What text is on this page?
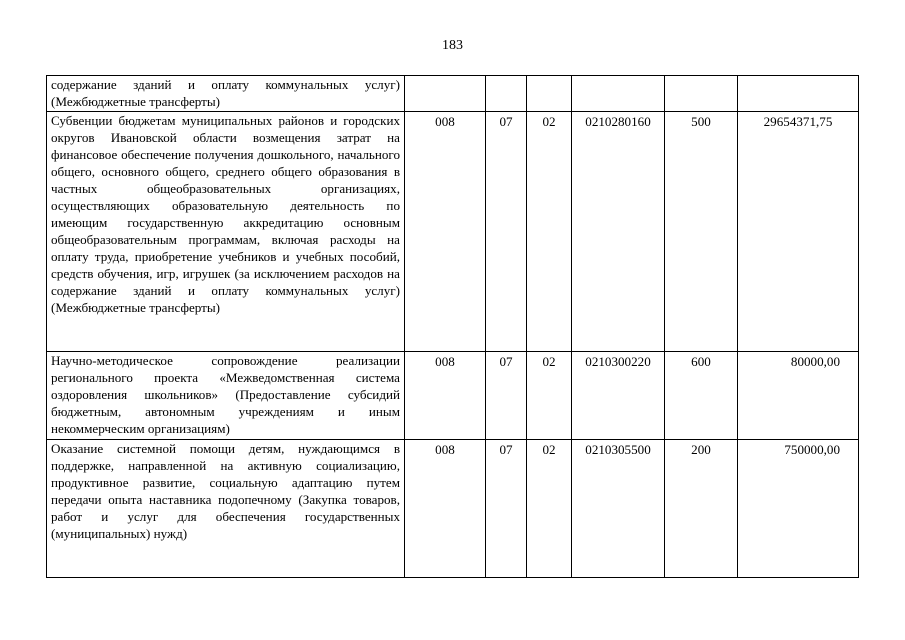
183
содержание зданий и оплату коммунальных услуг) (Межбюджетные трансферты)						
Субвенции бюджетам муниципальных районов и городских округов Ивановской области возмещения затрат на финансовое обеспечение получения дошкольного, начального общего, основного общего, среднего общего образования в частных общеобразовательных организациях, осуществляющих образовательную деятельность по имеющим государственную аккредитацию основным общеобразовательным программам, включая расходы на оплату труда, приобретение учебников и учебных пособий, средств обучения, игр, игрушек (за исключением расходов на содержание зданий и оплату коммунальных услуг) (Межбюджетные трансферты)	008	07	02	0210280160	500	29654371,75
Научно-методическое сопровождение реализации регионального проекта «Межведомственная система оздоровления школьников» (Предоставление субсидий бюджетным, автономным учреждениям и иным некоммерческим организациям)	008	07	02	0210300220	600	80000,00
Оказание системной помощи детям, нуждающимся в поддержке, направленной на активную социализацию, продуктивное развитие, социальную адаптацию путем передачи опыта наставника подопечному (Закупка товаров, работ и услуг для обеспечения государственных (муниципальных) нужд)	008	07	02	0210305500	200	750000,00
